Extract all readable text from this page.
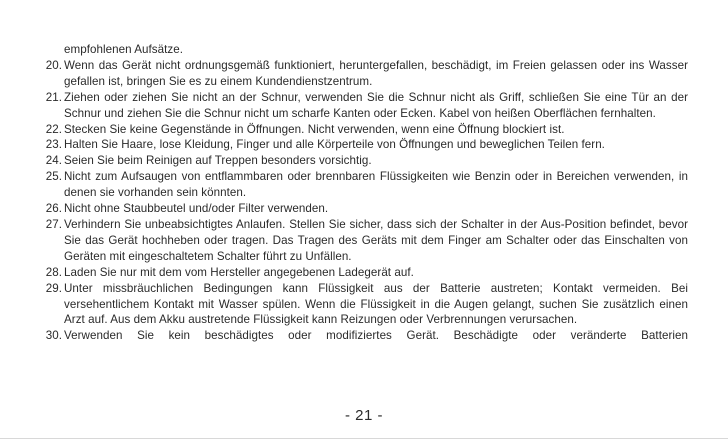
empfohlenen Aufsätze.
20. Wenn das Gerät nicht ordnungsgemäß funktioniert, heruntergefallen, beschädigt, im Freien gelassen oder ins Wasser gefallen ist, bringen Sie es zu einem Kundendienstzentrum.
21. Ziehen oder ziehen Sie nicht an der Schnur, verwenden Sie die Schnur nicht als Griff, schließen Sie eine Tür an der Schnur und ziehen Sie die Schnur nicht um scharfe Kanten oder Ecken. Kabel von heißen Oberflächen fernhalten.
22. Stecken Sie keine Gegenstände in Öffnungen. Nicht verwenden, wenn eine Öffnung blockiert ist.
23. Halten Sie Haare, lose Kleidung, Finger und alle Körperteile von Öffnungen und beweglichen Teilen fern.
24. Seien Sie beim Reinigen auf Treppen besonders vorsichtig.
25. Nicht zum Aufsaugen von entflammbaren oder brennbaren Flüssigkeiten wie Benzin oder in Bereichen verwenden, in denen sie vorhanden sein könnten.
26. Nicht ohne Staubbeutel und/oder Filter verwenden.
27. Verhindern Sie unbeabsichtigtes Anlaufen. Stellen Sie sicher, dass sich der Schalter in der Aus-Position befindet, bevor Sie das Gerät hochheben oder tragen. Das Tragen des Geräts mit dem Finger am Schalter oder das Einschalten von Geräten mit eingeschaltetem Schalter führt zu Unfällen.
28. Laden Sie nur mit dem vom Hersteller angegebenen Ladegerät auf.
29. Unter missbräuchlichen Bedingungen kann Flüssigkeit aus der Batterie austreten; Kontakt vermeiden. Bei versehentlichem Kontakt mit Wasser spülen. Wenn die Flüssigkeit in die Augen gelangt, suchen Sie zusätzlich einen Arzt auf. Aus dem Akku austretende Flüssigkeit kann Reizungen oder Verbrennungen verursachen.
30. Verwenden Sie kein beschädigtes oder modifiziertes Gerät. Beschädigte oder veränderte Batterien
- 21 -
